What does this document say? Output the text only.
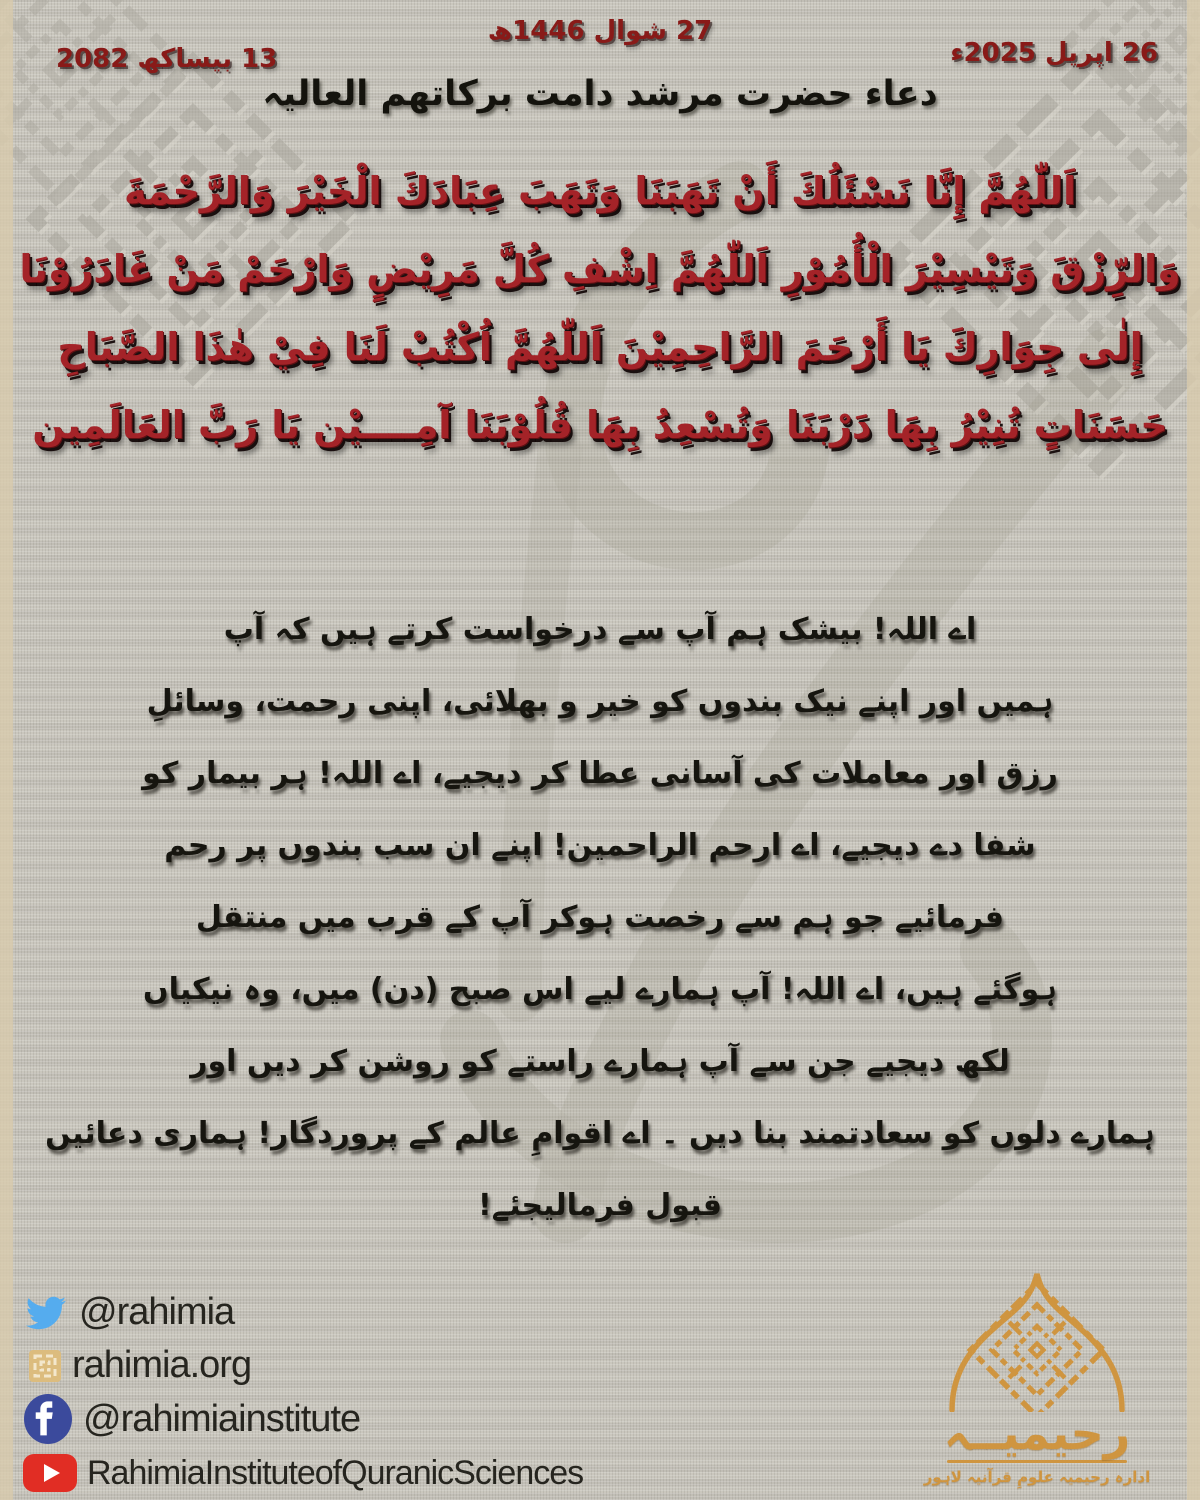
27 شوال 1446ھ
26 اپریل 2025ء
13 بیساکھ 2082
دعاء حضرت مرشد دامت برکاتھم العالیہ
اَللّٰهُمَّ إِنَّا نَسْئَلُكَ أَنْ تَهَبَنَا وَتَهَبَ عِبَادَكَ الْخَيْرَ وَالرَّحْمَةَ
وَالرِّزْقَ وَتَيْسِيْرَ الْأُمُوْرِ اَللّٰهُمَّ اِشْفِ كُلَّ مَرِيْضٍ وَارْحَمْ مَنْ غَادَرُوْنَا
إِلٰى جِوَارِكَ يَا أَرْحَمَ الرَّاحِمِيْنَ اَللّٰهُمَّ اُكْتُبْ لَنَا فِيْ هٰذَا الصَّبَاحِ
حَسَنَاتٍ تُنِيْرُ بِهَا دَرْبَنَا وَتُسْعِدُ بِهَا قُلُوْبَنَا آمِــــيْن يَا رَبَّ العَالَمِين
اے اللہ! بیشک ہم آپ سے درخواست کرتے ہیں کہ آپ
ہمیں اور اپنے نیک بندوں کو خیر و بھلائی، اپنی رحمت، وسائلِ
رزق اور معاملات کی آسانی عطا کر دیجیے، اے اللہ! ہر بیمار کو
شفا دے دیجیے، اے ارحم الراحمین! اپنے ان سب بندوں پر رحم
فرمائیے جو ہم سے رخصت ہوکر آپ کے قرب میں منتقل
ہوگئے ہیں، اے اللہ! آپ ہمارے لیے اس صبح (دن) میں، وہ نیکیاں
لکھ دیجیے جن سے آپ ہمارے راستے کو روشن کر دیں اور
ہمارے دلوں کو سعادتمند بنا دیں ۔ اے اقوامِ عالم کے پروردگار! ہماری دعائیں
قبول فرمالیجئے!
@rahimia
rahimia.org
@rahimiainstitute
RahimiaInstituteofQuranicSciences
رحیمیــہ
ادارہ رحیمیہ علومِ قرآنیہ لاہور
